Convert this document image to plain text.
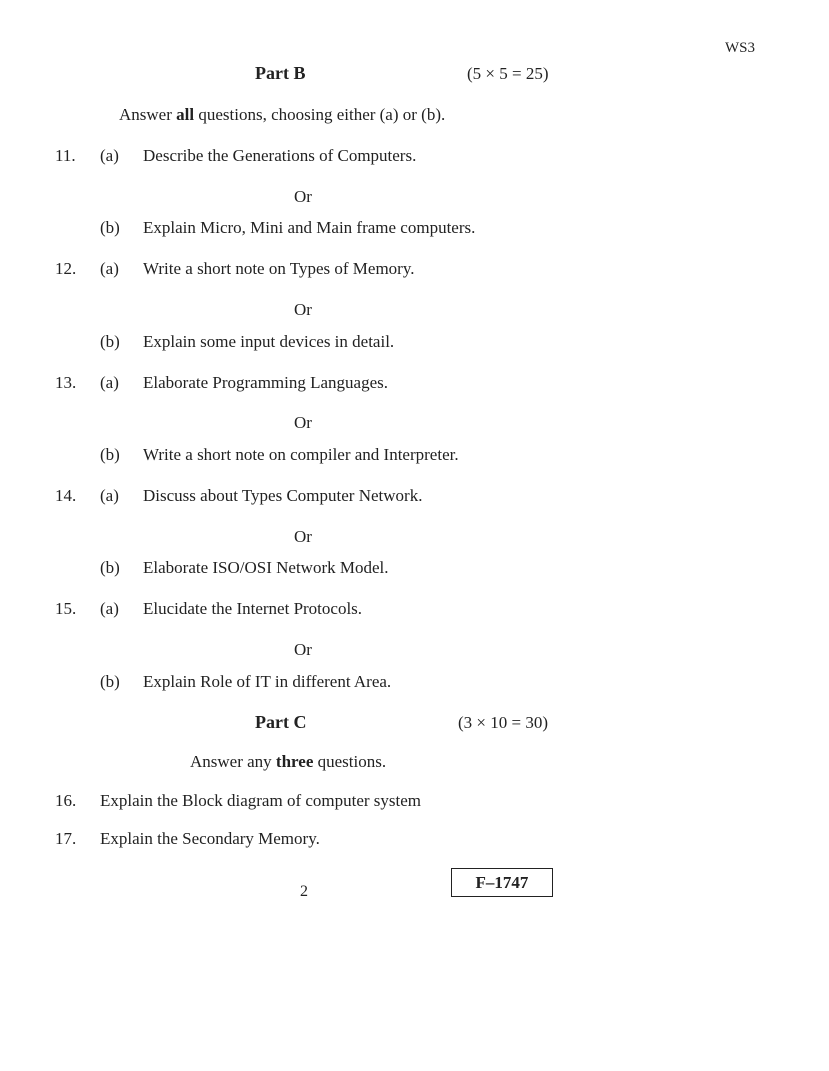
WS3
Part B	(5 × 5 = 25)
Answer all questions, choosing either (a) or (b).
11. (a) Describe the Generations of Computers.
Or
(b) Explain Micro, Mini and Main frame computers.
12. (a) Write a short note on Types of Memory.
Or
(b) Explain some input devices in detail.
13. (a) Elaborate Programming Languages.
Or
(b) Write a short note on compiler and Interpreter.
14. (a) Discuss about Types Computer Network.
Or
(b) Elaborate ISO/OSI Network Model.
15. (a) Elucidate the Internet Protocols.
Or
(b) Explain Role of IT in different Area.
Part C	(3 × 10 = 30)
Answer any three questions.
16. Explain the Block diagram of computer system
17. Explain the Secondary Memory.
2	F–1747
